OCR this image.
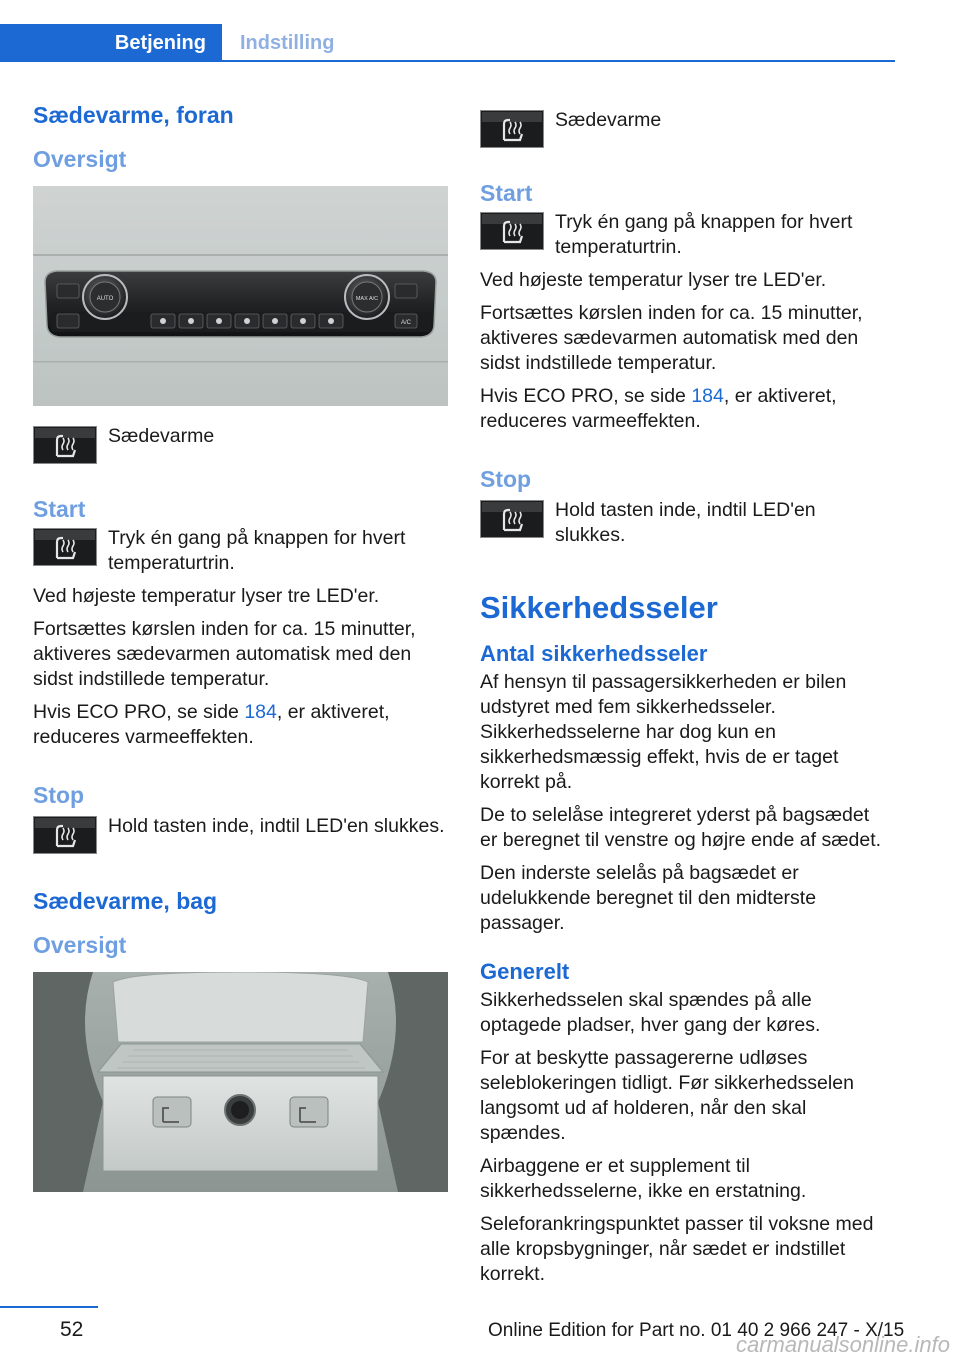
Betjening	Indstilling
Sædevarme, foran
Oversigt
AUTO	MAX A/C
A/C

Sædevarme

Start

Tryk én gang på knappen for hvert temperaturtrin.

Ved højeste temperatur lyser tre LED'er.

Fortsættes kørslen inden for ca. 15 minutter, aktiveres sædevarmen automatisk med den sidst indstillede temperatur.

Hvis ECO PRO, se side 184, er aktiveret, reduceres varmeeffekten.

Stop

Hold tasten inde, indtil LED'en slukkes.

Sædevarme, bag
Oversigt

Sædevarme

Start

Tryk én gang på knappen for hvert temperaturtrin.

Ved højeste temperatur lyser tre LED'er.

Fortsættes kørslen inden for ca. 15 minutter, aktiveres sædevarmen automatisk med den sidst indstillede temperatur.

Hvis ECO PRO, se side 184, er aktiveret, reduceres varmeeffekten.

Stop

Hold tasten inde, indtil LED'en slukkes.

Sikkerhedsseler
Antal sikkerhedsseler

Af hensyn til passagersikkerheden er bilen udstyret med fem sikkerhedsseler. Sikkerhedsselerne har dog kun en sikkerhedsmæssig effekt, hvis de er taget korrekt på.

De to selelåse integreret yderst på bagsædet er beregnet til venstre og højre ende af sædet.

Den inderste selelås på bagsædet er udelukkende beregnet til den midterste passager.

Generelt

Sikkerhedsselen skal spændes på alle optagede pladser, hver gang der køres.

For at beskytte passagererne udløses seleblokeringen tidligt. Før sikkerhedsselen langsomt ud af holderen, når den skal spændes.

Airbaggene er et supplement til sikkerhedsselerne, ikke en erstatning.

Seleforankringspunktet passer til voksne med alle kropsbygninger, når sædet er indstillet korrekt.

52	Online Edition for Part no. 01 40 2 966 247 - X/15
carmanualsonline.info
